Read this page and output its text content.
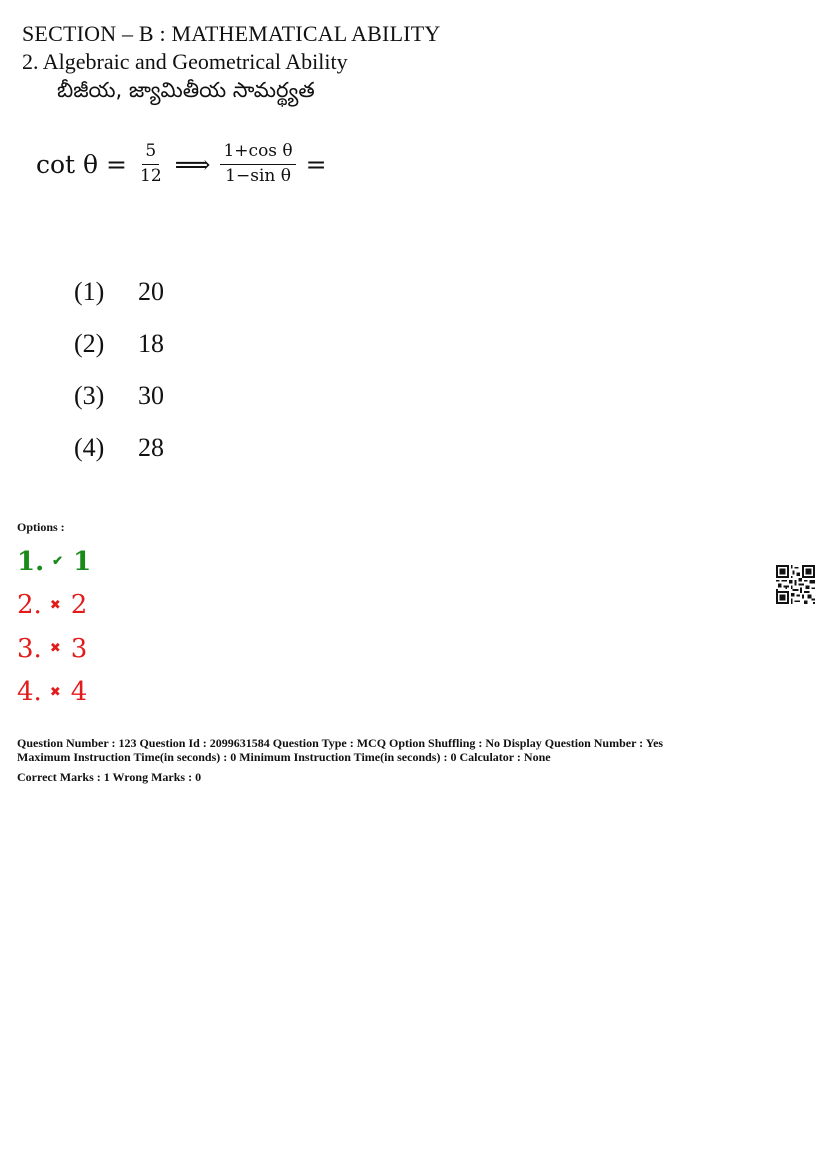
SECTION – B : MATHEMATICAL ABILITY
2. Algebraic and Geometrical Ability
బీజీయ, జ్యామితీయ సామర్థ్యత
$\cot \theta = \frac{5}{12}$ ⟹ $\frac{\text{1+cos θ}}{\text{1−sin θ}}$ =
(1) 20
(2) 18
(3) 30
(4) 28
Options :
1. ✔ 1
2. ✖ 2
3. ✖ 3
4. ✖ 4
Question Number : 123 Question Id : 2099631584 Question Type : MCQ Option Shuffling : No Display Question Number : Yes
Maximum Instruction Time(in seconds) : 0 Minimum Instruction Time(in seconds) : 0 Calculator : None
Correct Marks : 1 Wrong Marks : 0
